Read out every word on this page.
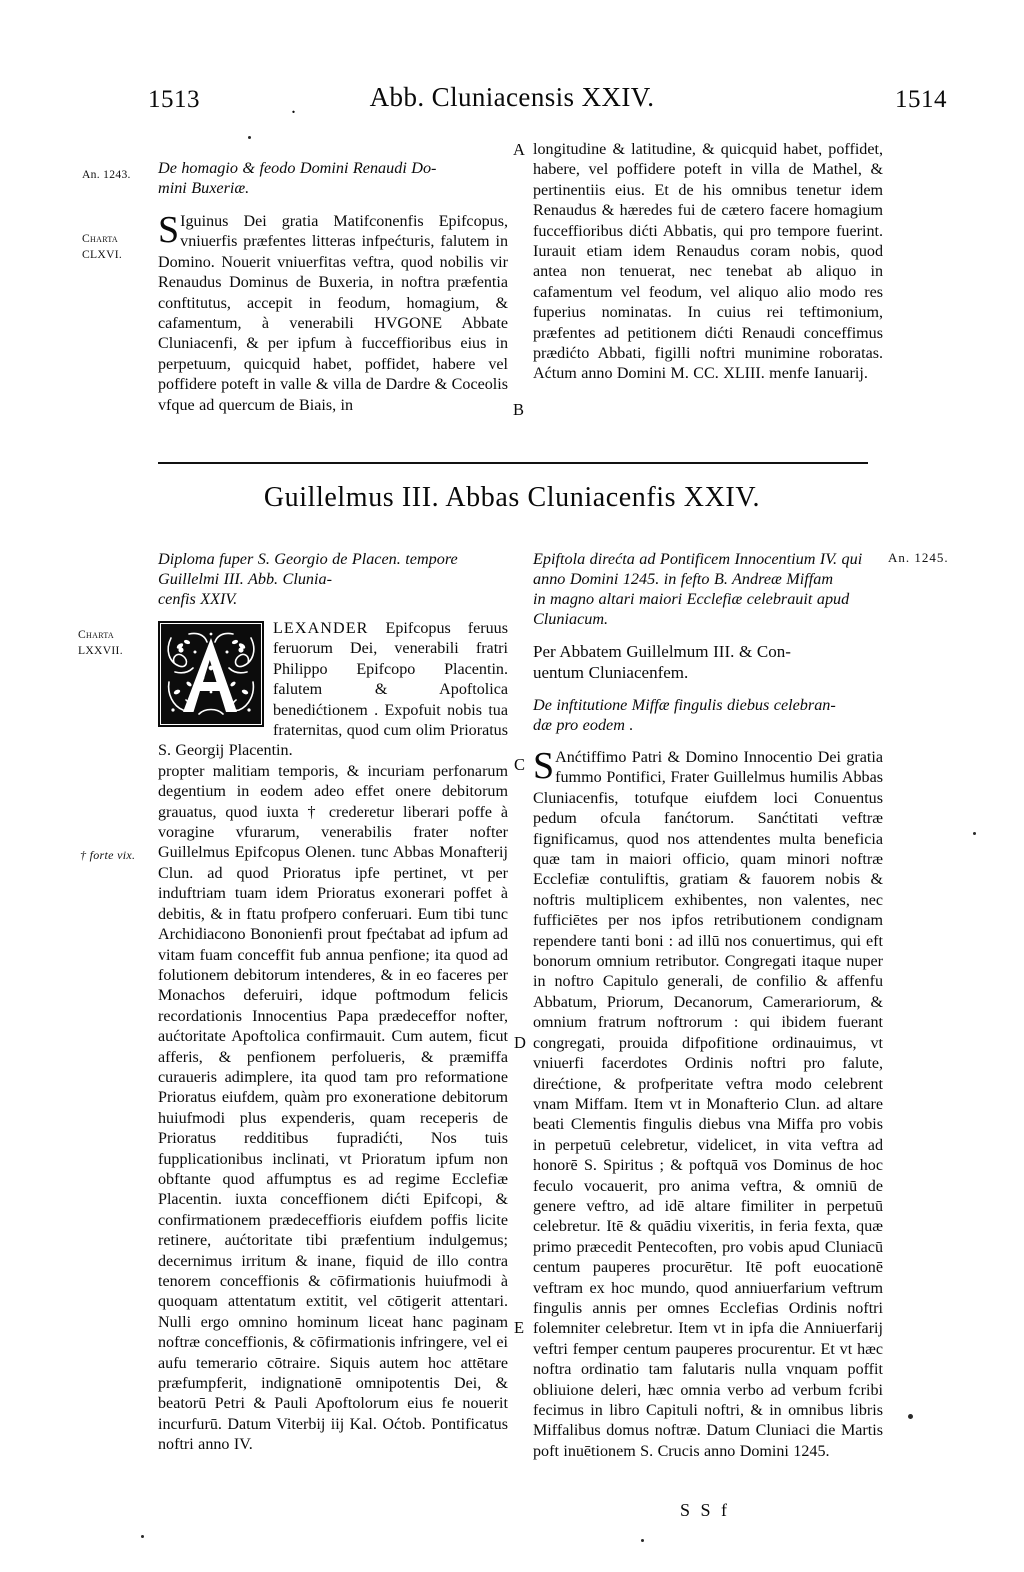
1513	.	Abb. Cluniacensis XXIV.	1514
An. 1243.
Charta
CLXVI.
De homagio & feodo Domini Renaudi Do-
mini Buxeriæ.

S Iguinus Dei gratia Matifconenfis Epifcopus, vniuerfis præfentes litteras infpećturis, falutem in Domino. Nouerit vniuerfitas veftra, quod nobilis vir Renaudus Dominus de Buxeria, in noftra præfentia conftitutus, accepit in feodum, homagium, & cafamentum, à venerabili HVGONE Abbate Cluniacenfi, & per ipfum à fucceffioribus eius in perpetuum, quicquid habet, poffidet, habere vel poffidere poteft in valle & villa de Dardre & Coceolis vfque ad quercum de Biais, in

A
B

longitudine & latitudine, & quicquid habet, poffidet, habere, vel poffidere poteft in villa de Mathel, & pertinentiis eius. Et de his omnibus tenetur idem Renaudus & hæredes fui de cætero facere homagium fucceffioribus dićti Abbatis, qui pro tempore fuerint. Iurauit etiam idem Renaudus coram nobis, quod antea non tenuerat, nec tenebat ab aliquo in cafamentum vel feodum, vel aliquo alio modo res fuperius nominatas. In cuius rei teftimonium, præfentes ad petitionem dićti Renaudi conceffimus prædićto Abbati, figilli noftri munimine roboratas. Aćtum anno Domini M. CC. XLIII. menfe Ianuarij.

Guillelmus III. Abbas Cluniacenfis XXIV.
Charta
LXXVII.
† forte vix.
An. 1245.
Diploma fuper S. Georgio de Placen. tempore
Guillelmi III. Abb. Clunia-
cenfis XXIV.

LEXANDER Epifcopus feruus feruorum Dei, venerabili fratri Philippo Epifcopo Placentin. falutem & Apoftolica benedićtionem . Expofuit nobis tua fraternitas, quod cum olim Prioratus S. Georgij Placentin.

propter malitiam temporis, & incuriam perfonarum degentium in eodem adeo effet onere debitorum grauatus, quod iuxta † crederetur liberari poffe à voragine vfurarum, venerabilis frater nofter Guillelmus Epifcopus Olenen. tunc Abbas Monafterij Clun. ad quod Prioratus ipfe pertinet, vt per induftriam tuam idem Prioratus exonerari poffet à debitis, & in ftatu profpero conferuari. Eum tibi tunc Archidiacono Bononienfi prout fpećtabat ad ipfum ad vitam fuam conceffit fub annua penfione; ita quod ad folutionem debitorum intenderes, & in eo faceres per Monachos deferuiri, idque poftmodum felicis recordationis Innocentius Papa prædeceffor nofter, aućtoritate Apoftolica confirmauit. Cum autem, ficut afferis, & penfionem perfolueris, & præmiffa curaueris adimplere, ita quod tam pro reformatione Prioratus eiufdem, quàm pro exoneratione debitorum huiufmodi plus expenderis, quam receperis de Prioratus redditibus fupradićti, Nos tuis fupplicationibus inclinati, vt Prioratum ipfum non obftante quod affumptus es ad regime Ecclefiæ Placentin. iuxta conceffionem dićti Epifcopi, & confirmationem prædeceffioris eiufdem poffis licite retinere, aućtoritate tibi præfentium indulgemus; decernimus irritum & inane, fiquid de illo contra tenorem conceffionis & cōfirmationis huiufmodi à quoquam attentatum extitit, vel cōtigerit attentari. Nulli ergo omnino hominum liceat hanc paginam noftræ conceffionis, & cōfirmationis infringere, vel ei aufu temerario cōtraire. Siquis autem hoc attētare præfumpferit, indignationē omnipotentis Dei, & beatorū Petri & Pauli Apoftolorum eius fe nouerit incurfurū. Datum Viterbij iij Kal. Oćtob. Pontificatus noftri anno IV.

C
D
E
Epiftola direćta ad Pontificem Innocentium IV. qui
anno Domini 1245. in fefto B. Andreæ Miffam
in magno altari maiori Ecclefiæ celebrauit apud
Cluniacum.
Per Abbatem Guillelmum III. & Con-
uentum Cluniacenfem.
De inftitutione Miffæ fingulis diebus celebran-
dæ pro eodem .

S Anćtiffimo Patri & Domino Innocentio Dei gratia fummo Pontifici, Frater Guillelmus humilis Abbas Cluniacenfis, totufque eiufdem loci Conuentus pedum ofcula fanćtorum. Sanćtitati veftræ fignificamus, quod nos attendentes multa beneficia quæ tam in maiori officio, quam minori noftræ Ecclefiæ contuliftis, gratiam & fauorem nobis & noftris multiplicem exhibentes, non valentes, nec fufficiētes per nos ipfos retributionem condignam rependere tanti boni : ad illū nos conuertimus, qui eft bonorum omnium retributor. Congregati itaque nuper in noftro Capitulo generali, de confilio & affenfu Abbatum, Priorum, Decanorum, Camerariorum, & omnium fratrum noftrorum : qui ibidem fuerant congregati, prouida difpofitione ordinauimus, vt vniuerfi facerdotes Ordinis noftri pro falute, direćtione, & profperitate veftra modo celebrent vnam Miffam. Item vt in Monafterio Clun. ad altare beati Clementis fingulis diebus vna Miffa pro vobis in perpetuū celebretur, videlicet, in vita veftra ad honorē S. Spiritus ; & poftquā vos Dominus de hoc feculo vocauerit, pro anima veftra, & omniū de genere veftro, ad idē altare fimiliter in perpetuū celebretur. Itē & quādiu vixeritis, in feria fexta, quæ primo præcedit Pentecoften, pro vobis apud Cluniacū centum pauperes procurētur. Itē poft euocationē veftram ex hoc mundo, quod anniuerfarium veftrum fingulis annis per omnes Ecclefias Ordinis noftri folemniter celebretur. Item vt in ipfa die Anniuerfarij veftri femper centum pauperes procurentur. Et vt hæc noftra ordinatio tam falutaris nulla vnquam poffit obliuione deleri, hæc omnia verbo ad verbum fcribi fecimus in libro Capituli noftri, & in omnibus libris Miffalibus domus noftræ. Datum Cluniaci die Martis poft inuētionem S. Crucis anno Domini 1245.

S S f
